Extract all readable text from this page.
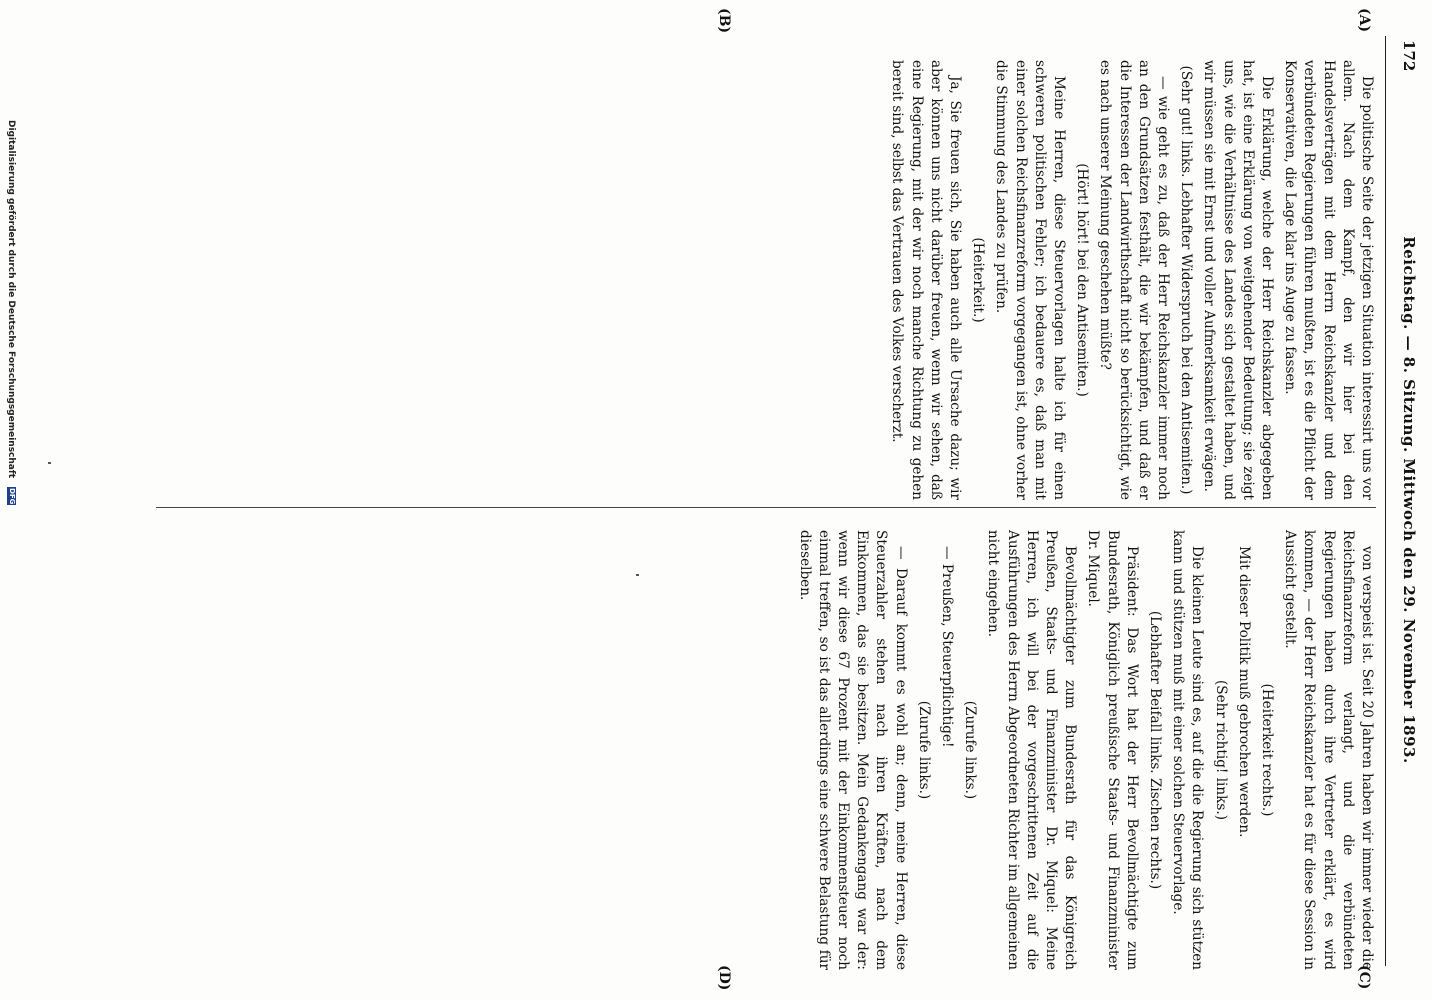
172
Reichstag. — 8. Sitzung. Mittwoch den 29. November 1893.
(A)
(B)
(C)
(D)

Die politische Seite der jetzigen Situation interessirt uns vor allem. Nach dem Kampf, den wir hier bei den Handelsverträgen mit dem Herrn Reichskanzler und dem verbündeten Regierungen führen mußten, ist es die Pflicht der Konservativen, die Lage klar ins Auge zu fassen.

Die Erklärung, welche der Herr Reichskanzler abgegeben hat, ist eine Erklärung von weitgehender Bedeutung; sie zeigt uns, wie die Verhältnisse des Landes sich gestaltet haben, und wir müssen sie mit Ernst und voller Aufmerksamkeit erwägen.

(Sehr gut! links. Lebhafter Widerspruch bei den Antisemiten.)

— wie geht es zu, daß der Herr Reichskanzler immer noch an den Grundsätzen festhält, die wir bekämpfen, und daß er die Interessen der Landwirthschaft nicht so berücksichtigt, wie es nach unserer Meinung geschehen müßte?

(Hört! hört! bei den Antisemiten.)

Meine Herren, diese Steuervorlagen halte ich für einen schweren politischen Fehler; ich bedauere es, daß man mit einer solchen Reichsfinanzreform vorgegangen ist, ohne vorher die Stimmung des Landes zu prüfen.

(Heiterkeit.)

Ja, Sie freuen sich, Sie haben auch alle Ursache dazu; wir aber können uns nicht darüber freuen, wenn wir sehen, daß eine Regierung, mit der wir noch manche Richtung zu gehen bereit sind, selbst das Vertrauen des Volkes verscherzt.

von verspeist ist. Seit 20 Jahren haben wir immer wieder die Reichsfinanzreform verlangt, und die verbündeten Regierungen haben durch ihre Vertreter erklärt, es wird kommen, — der Herr Reichskanzler hat es für diese Session in Aussicht gestellt.

(Heiterkeit rechts.)

Mit dieser Politik muß gebrochen werden.

(Sehr richtig! links.)

Die kleinen Leute sind es, auf die die Regierung sich stützen kann und stützen muß mit einer solchen Steuervorlage.

(Lebhafter Beifall links. Zischen rechts.)

Präsident: Das Wort hat der Herr Bevollmächtigte zum Bundesrath, Königlich preußische Staats- und Finanzminister Dr. Miquel.

Bevollmächtigter zum Bundesrath für das Königreich Preußen, Staats- und Finanzminister Dr. Miquel: Meine Herren, ich will bei der vorgeschrittenen Zeit auf die Ausführungen des Herrn Abgeordneten Richter im allgemeinen nicht eingehen.

(Zurufe links.)

— Preußen, Steuerpflichtige!

(Zurufe links.)

— Darauf kommt es wohl an; denn, meine Herren, diese Steuerzahler stehen nach ihren Kräften, nach dem Einkommen, das sie besitzen. Mein Gedankengang war der: wenn wir diese 67 Prozent mit der Einkommensteuer noch einmal treffen, so ist das allerdings eine schwere Belastung für dieselben.

Digitalisierung gefördert durch die Deutsche Forschungsgemeinschaft DFG
